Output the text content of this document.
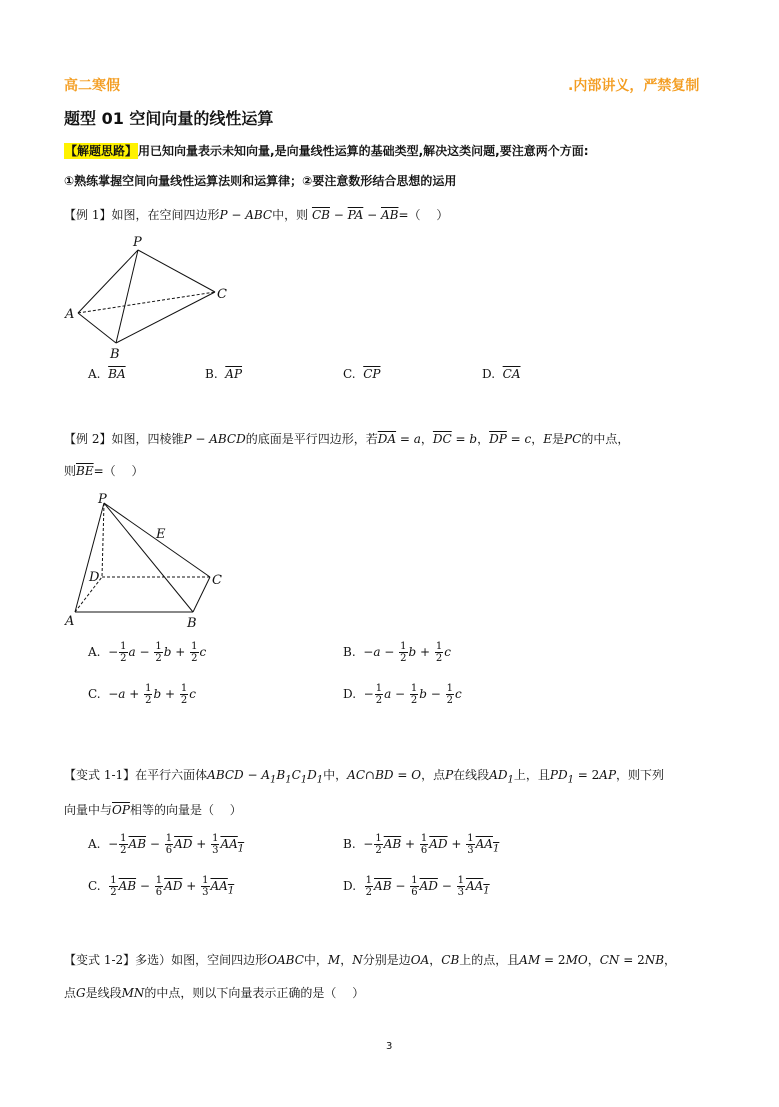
高二寒假	.内部讲义，严禁复制
题型 01 空间向量的线性运算
【解题思路】用已知向量表示未知向量,是向量线性运算的基础类型,解决这类问题,要注意两个方面:
①熟练掌握空间向量线性运算法则和运算律；②要注意数形结合思想的运用
【例 1】如图，在空间四边形P − ABC中，则 $\overline{CB} - \overline{PA} - \overline{AB}=$（　 ）
P
A
B
C
A. $\overline{BA}$	B. $\overline{AP}$	C. $\overline{CP}$	D. $\overline{CA}$
【例 2】如图，四棱锥P − ABCD的底面是平行四边形，若$\overline{DA} = a$，$\overline{DC} = b$，$\overline{DP} = c$，E是PC的中点，
则$\overline{BE}=$（　 ）
P
A	B
C
D
E
A.  − $\frac{1}{2}$ $a - \frac{1}{2}$ $b + \frac{1}{2}$ c	B.  $-a - \frac{1}{2}$ $b + \frac{1}{2}$ c
C.  $-a + \frac{1}{2}$ $b + \frac{1}{2}$ c	D.  − $\frac{1}{2}$ $a - \frac{1}{2}$ $b - \frac{1}{2}$ c
【变式 1-1】在平行六面体ABCD − $A_1B_1C_1D_1$中，AC∩BD = O，点P在线段$AD_1$上，且$PD_1 = 2AP$，则下列
向量中与$\overline{OP}$相等的向量是（　 ）
A.  − $\frac{1}{2} \overline{AB} - \frac{1}{6} \overline{AD} + \frac{1}{3} AA_1$	B.  − $\frac{1}{2} \overline{AB} + \frac{1}{6} \overline{AD} + \frac{1}{3} AA_1$
C. $\frac{1}{2} \overline{AB} - \frac{1}{6} \overline{AD} + \frac{1}{3} AA_1$	D. $\frac{1}{2} \overline{AB} - \frac{1}{6} \overline{AD} - \frac{1}{3} AA_1$
【变式 1-2】多选）如图，空间四边形OABC中，M，N分别是边OA，CB上的点，且AM = 2MO，CN = 2NB，
点G是线段MN的中点，则以下向量表示正确的是（　 ）
3
